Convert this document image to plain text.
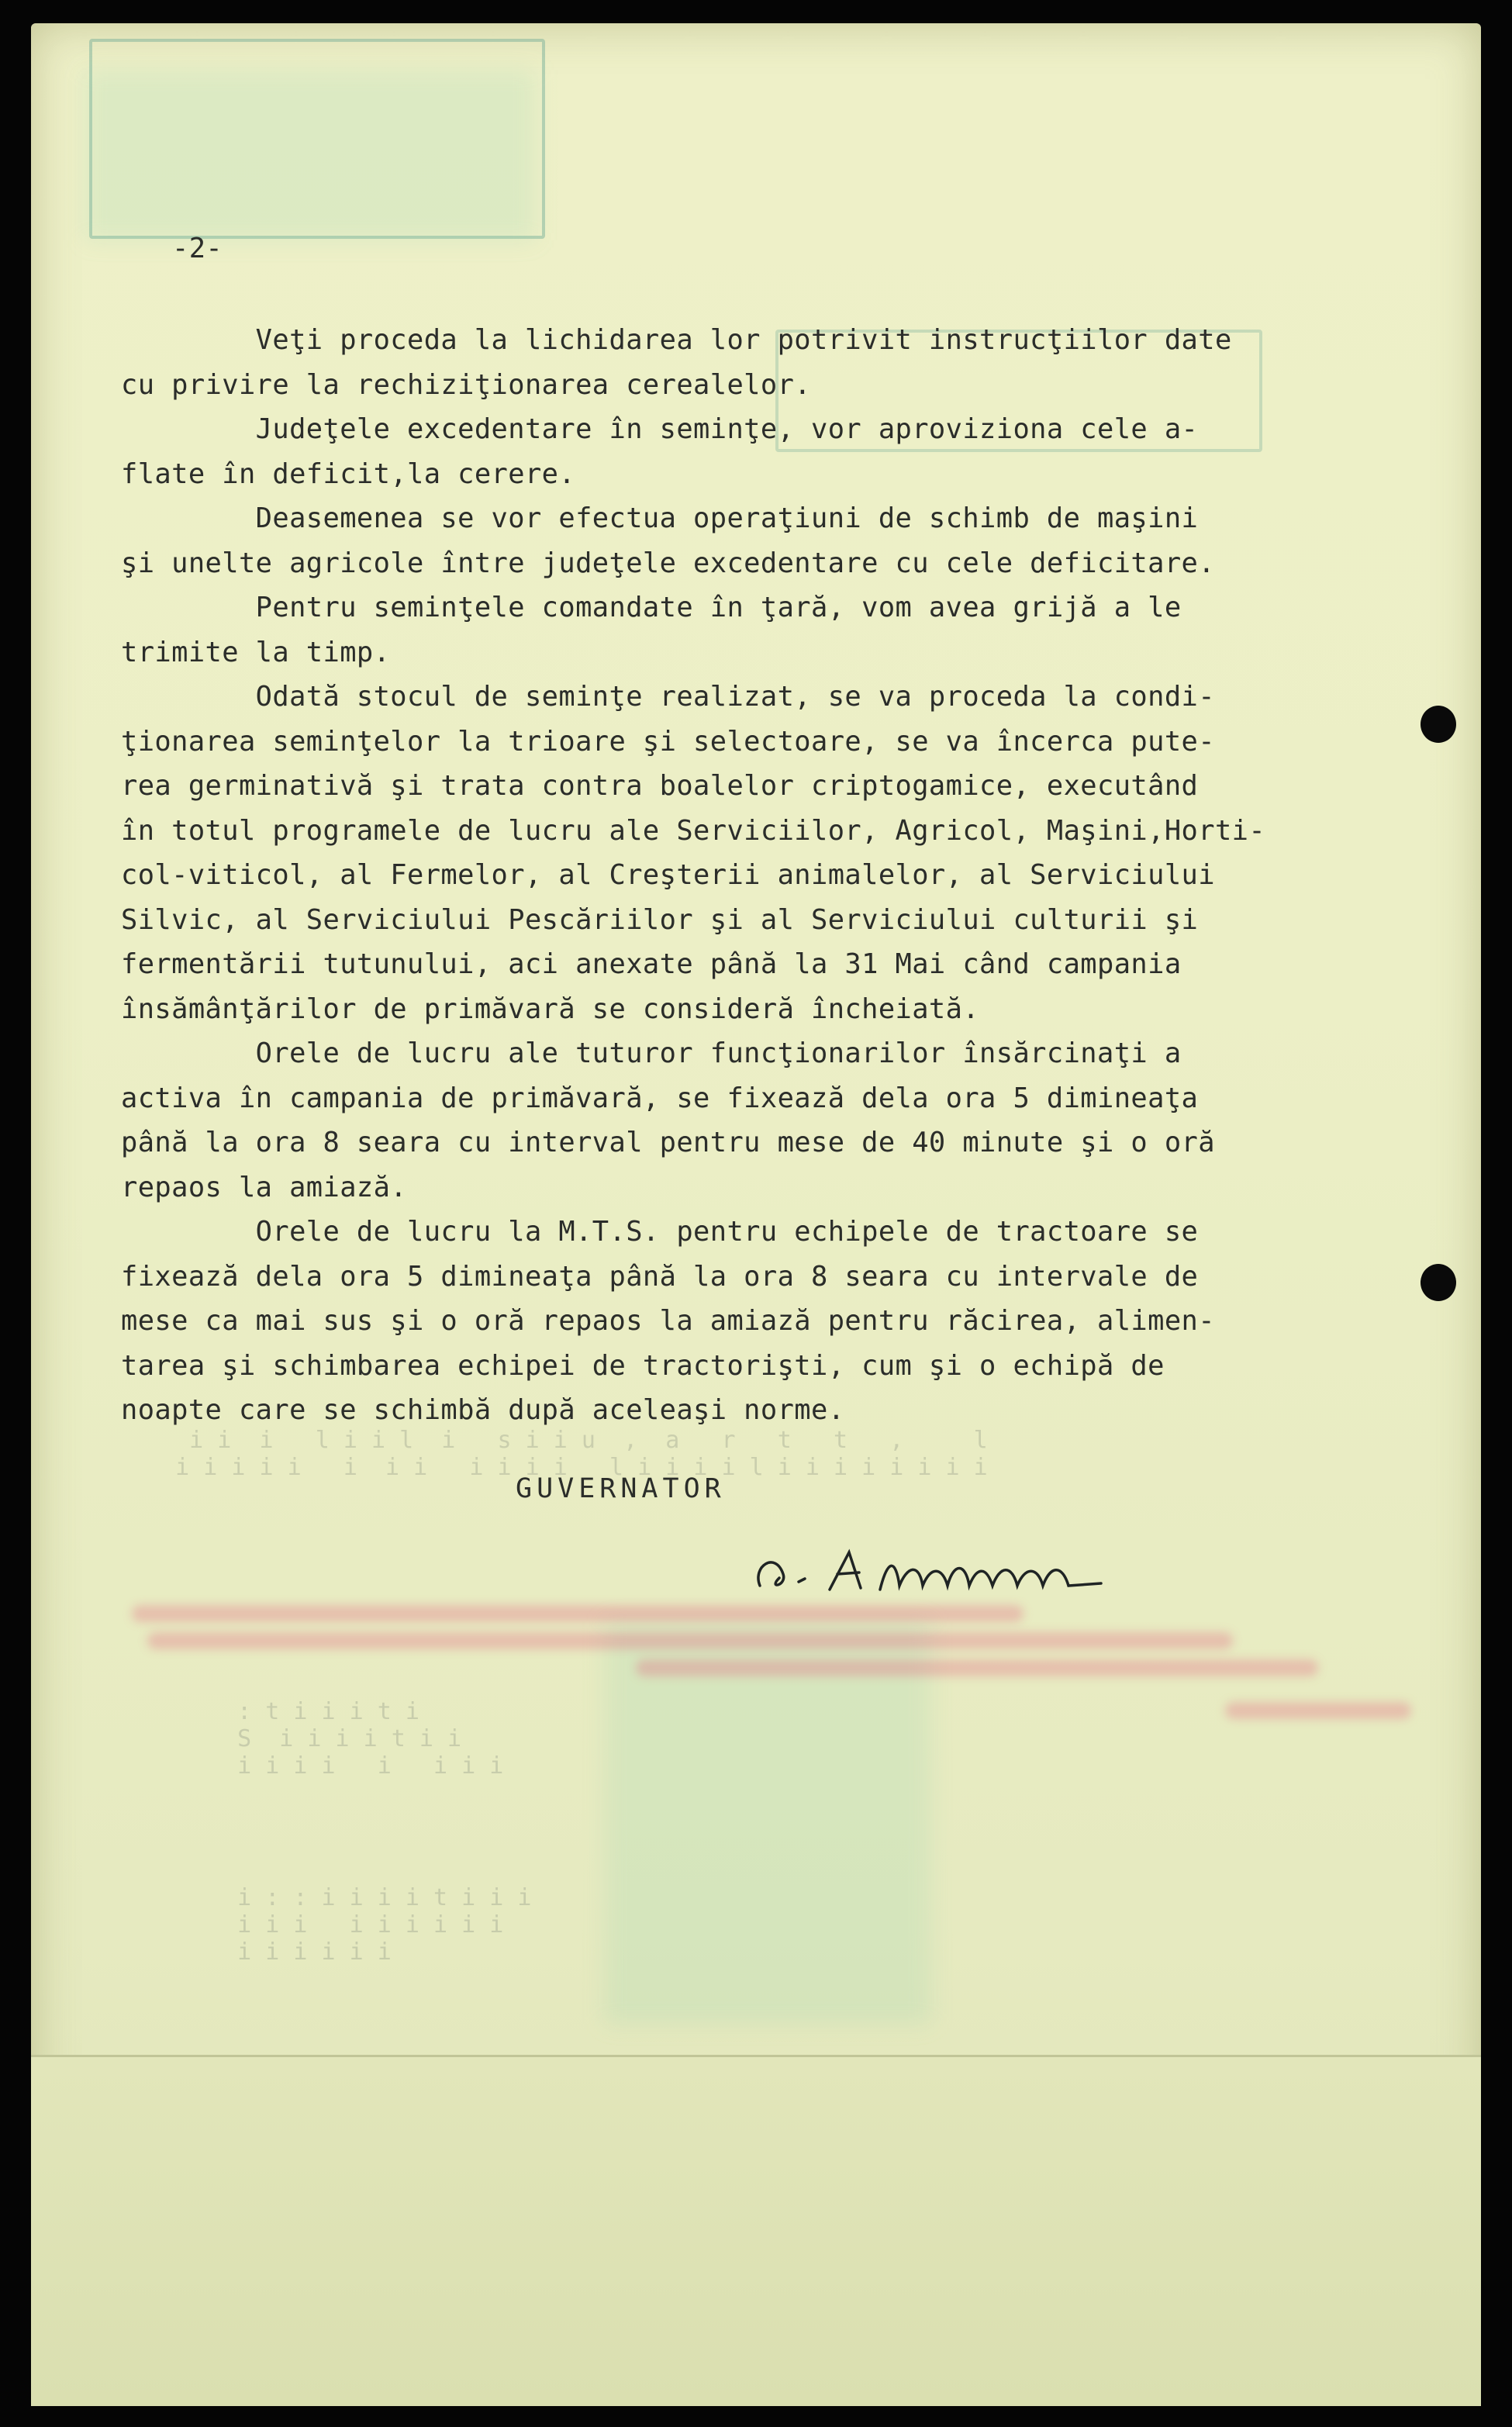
i i  i   l i i l  i   s i i u  ,  a   r   t   t   ,     l
i i i i i   i  i i   i i i i   l i i i i l i i i i i i i i
: t i i i t i
S  i i i i t i i
i i i i   i   i i i
i : : i i i i t i i i
i i i   i i i i i i
i i i i i i

-2-

Veţi proceda la lichidarea lor potrivit instrucţiilor date
cu privire la rechiziţionarea cerealelor.
Judeţele excedentare în seminţe, vor aproviziona cele a-
flate în deficit,la cerere.
Deasemenea se vor efectua operaţiuni de schimb de maşini
şi unelte agricole între judeţele excedentare cu cele deficitare.
Pentru seminţele comandate în ţară, vom avea grijă a le
trimite la timp.
Odată stocul de seminţe realizat, se va proceda la condi-
ţionarea seminţelor la trioare şi selectoare, se va încerca pute-
rea germinativă şi trata contra boalelor criptogamice, executând
în totul programele de lucru ale Serviciilor, Agricol, Maşini,Horti-
col-viticol, al Fermelor, al Creşterii animalelor, al Serviciului
Silvic, al Serviciului Pescăriilor şi al Serviciului culturii şi
fermentării tutunului, aci anexate până la 31 Mai când campania
însămânţărilor de primăvară se consideră încheiată.
Orele de lucru ale tuturor funcţionarilor însărcinaţi a
activa în campania de primăvară, se fixează dela ora 5 dimineaţa
până la ora 8 seara cu interval pentru mese de 40 minute şi o oră
repaos la amiază.
Orele de lucru la M.T.S. pentru echipele de tractoare se
fixează dela ora 5 dimineaţa până la ora 8 seara cu intervale de
mese ca mai sus şi o oră repaos la amiază pentru răcirea, alimen-
tarea şi schimbarea echipei de tractorişti, cum şi o echipă de
noapte care se schimbă după aceleaşi norme.

GUVERNATOR
